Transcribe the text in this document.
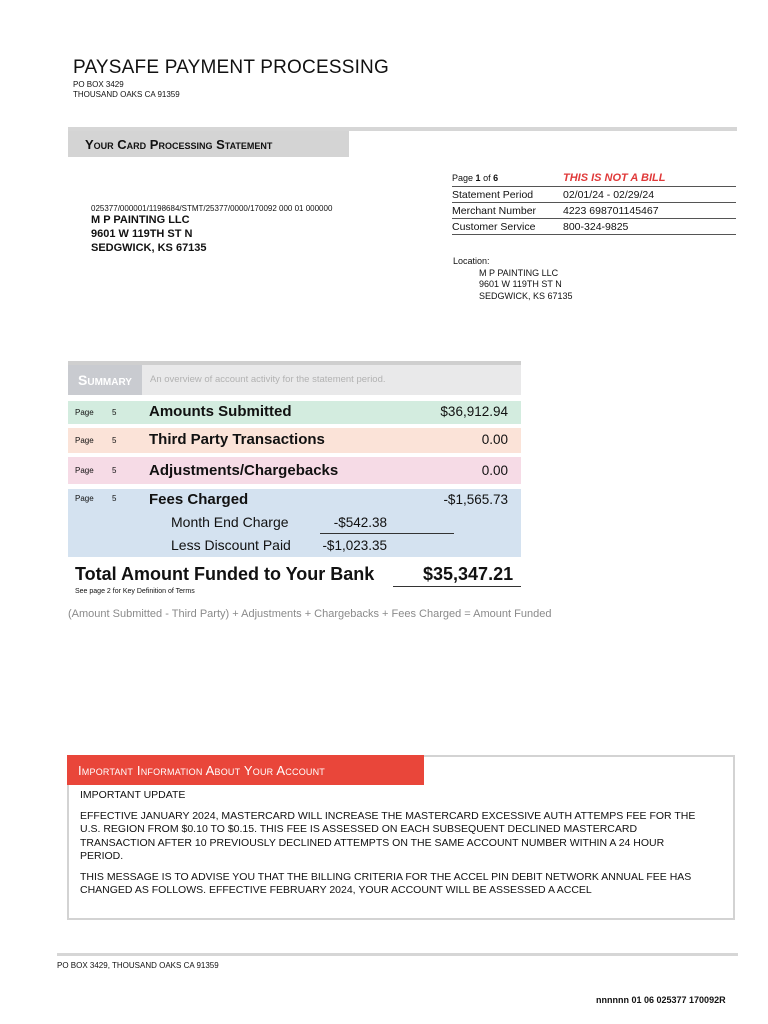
PAYSAFE PAYMENT PROCESSING
PO BOX 3429
THOUSAND OAKS CA 91359
Your Card Processing Statement
025377/000001/1198684/STMT/25377/0000/170092 000 01 000000
M P PAINTING LLC
9601 W 119TH ST N
SEDGWICK, KS 67135
Page 1 of 6	THIS IS NOT A BILL
Statement Period	02/01/24 - 02/29/24
Merchant Number	4223 698701145467
Customer Service	800-324-9825
Location:
M P PAINTING LLC
9601 W 119TH ST N
SEDGWICK, KS 67135
Summary	An overview of account activity for the statement period.
Page 5 Amounts Submitted	$36,912.94
Page 5 Third Party Transactions	0.00
Page 5 Adjustments/Chargebacks	0.00
Page 5 Fees Charged	-$1,565.73
Month End Charge	-$542.38
Less Discount Paid -$1,023.35
Total Amount Funded to Your Bank	$35,347.21
See page 2 for Key Definition of Terms
(Amount Submitted - Third Party) + Adjustments + Chargebacks + Fees Charged = Amount Funded
Important Information About Your Account

IMPORTANT UPDATE

EFFECTIVE JANUARY 2024, MASTERCARD WILL INCREASE THE MASTERCARD EXCESSIVE AUTH ATTEMPS FEE FOR THE U.S. REGION FROM $0.10 TO $0.15. THIS FEE IS ASSESSED ON EACH SUBSEQUENT DECLINED MASTERCARD TRANSACTION AFTER 10 PREVIOUSLY DECLINED ATTEMPTS ON THE SAME ACCOUNT NUMBER WITHIN A 24 HOUR PERIOD.

THIS MESSAGE IS TO ADVISE YOU THAT THE BILLING CRITERIA FOR THE ACCEL PIN DEBIT NETWORK ANNUAL FEE HAS CHANGED AS FOLLOWS. EFFECTIVE FEBRUARY 2024, YOUR ACCOUNT WILL BE ASSESSED A ACCEL

PO BOX 3429, THOUSAND OAKS CA 91359
nnnnnn 01 06 025377 170092R
